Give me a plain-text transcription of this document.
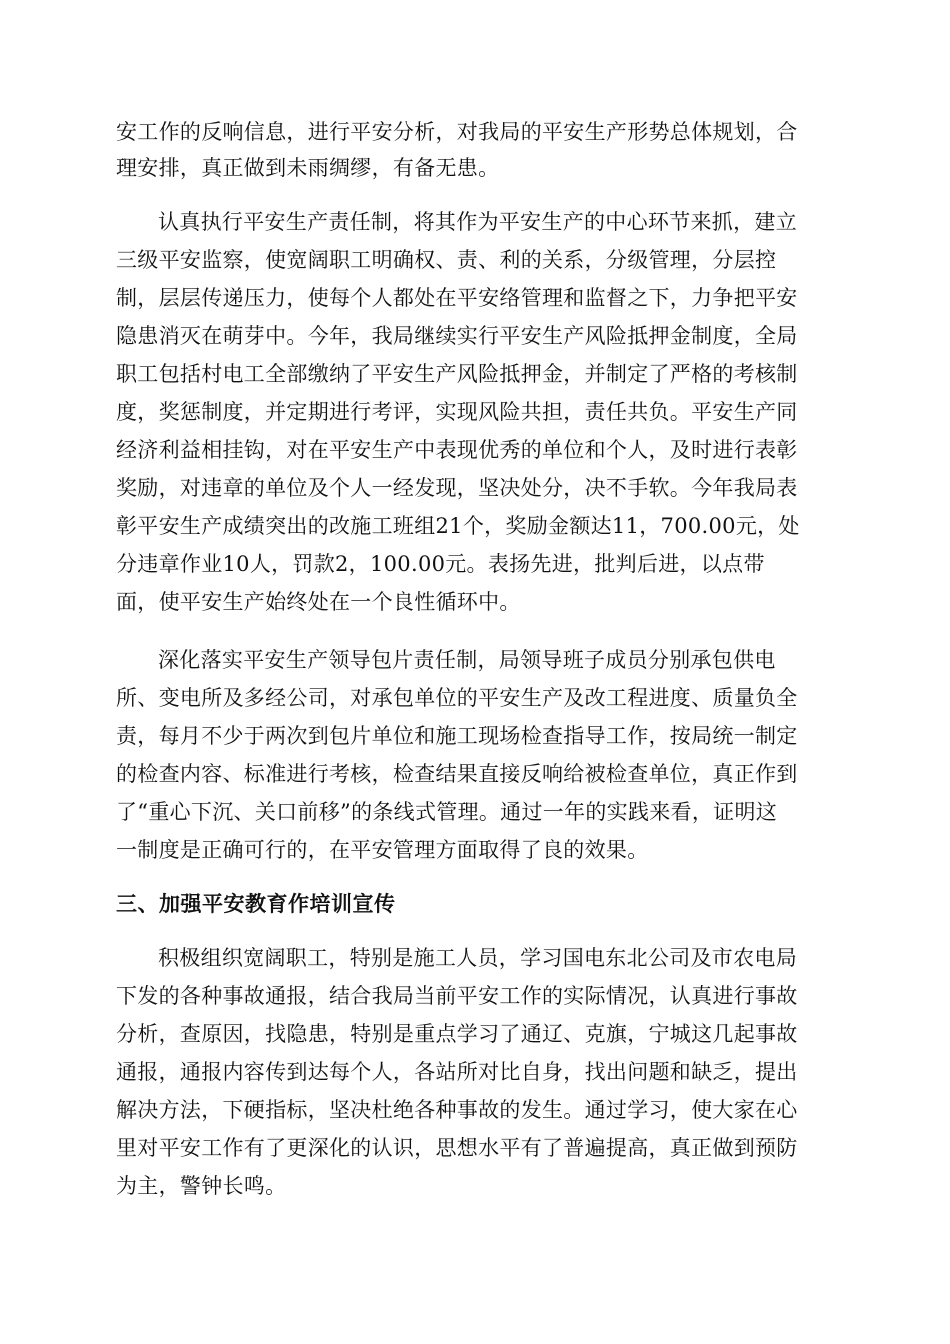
安工作的反响信息，进行平安分析，对我局的平安生产形势总体规划，合
理安排，真正做到未雨绸缪，有备无患。
认真执行平安生产责任制，将其作为平安生产的中心环节来抓，建立
三级平安监察，使宽阔职工明确权、责、利的关系，分级管理，分层控
制，层层传递压力，使每个人都处在平安络管理和监督之下，力争把平安
隐患消灭在萌芽中。今年，我局继续实行平安生产风险抵押金制度，全局
职工包括村电工全部缴纳了平安生产风险抵押金，并制定了严格的考核制
度，奖惩制度，并定期进行考评，实现风险共担，责任共负。平安生产同
经济利益相挂钩，对在平安生产中表现优秀的单位和个人，及时进行表彰
奖励，对违章的单位及个人一经发现，坚决处分，决不手软。今年我局表
彰平安生产成绩突出的改施工班组21个，奖励金额达11，700.00元，处
分违章作业10人，罚款2，100.00元。表扬先进，批判后进，以点带
面，使平安生产始终处在一个良性循环中。
深化落实平安生产领导包片责任制，局领导班子成员分别承包供电
所、变电所及多经公司，对承包单位的平安生产及改工程进度、质量负全
责，每月不少于两次到包片单位和施工现场检查指导工作，按局统一制定
的检查内容、标准进行考核，检查结果直接反响给被检查单位，真正作到
了“重心下沉、关口前移”的条线式管理。通过一年的实践来看，证明这
一制度是正确可行的，在平安管理方面取得了良的效果。
三、加强平安教育作培训宣传
积极组织宽阔职工，特别是施工人员，学习国电东北公司及市农电局
下发的各种事故通报，结合我局当前平安工作的实际情况，认真进行事故
分析，查原因，找隐患，特别是重点学习了通辽、克旗，宁城这几起事故
通报，通报内容传到达每个人，各站所对比自身，找出问题和缺乏，提出
解决方法，下硬指标，坚决杜绝各种事故的发生。通过学习，使大家在心
里对平安工作有了更深化的认识，思想水平有了普遍提高，真正做到预防
为主，警钟长鸣。
